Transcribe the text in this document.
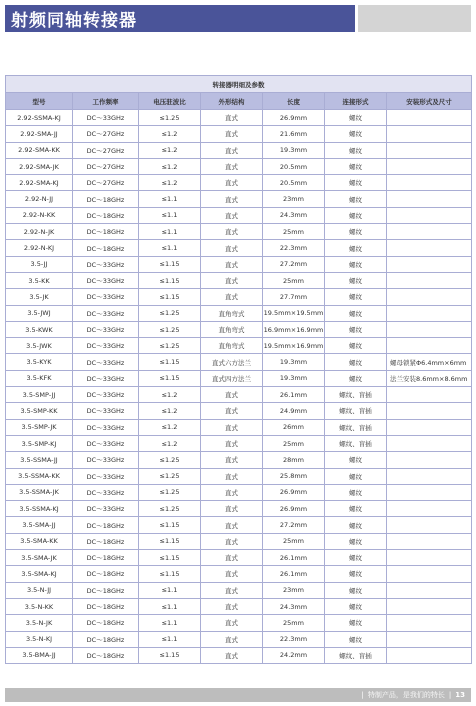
射频同轴转接器
转接器明细及参数						
型号	工作频率	电压驻波比	外形结构	长度	连接形式	安装形式及尺寸
2.92-SSMA-KJ	DC～33GHz	≤1.25	直式	26.9mm	螺纹	
2.92-SMA-JJ	DC～27GHz	≤1.2	直式	21.6mm	螺纹	
2.92-SMA-KK	DC～27GHz	≤1.2	直式	19.3mm	螺纹	
2.92-SMA-JK	DC～27GHz	≤1.2	直式	20.5mm	螺纹	
2.92-SMA-KJ	DC～27GHz	≤1.2	直式	20.5mm	螺纹	
2.92-N-JJ	DC～18GHz	≤1.1	直式	23mm	螺纹	
2.92-N-KK	DC～18GHz	≤1.1	直式	24.3mm	螺纹	
2.92-N-JK	DC～18GHz	≤1.1	直式	25mm	螺纹	
2.92-N-KJ	DC～18GHz	≤1.1	直式	22.3mm	螺纹	
3.5-JJ	DC～33GHz	≤1.15	直式	27.2mm	螺纹	
3.5-KK	DC～33GHz	≤1.15	直式	25mm	螺纹	
3.5-JK	DC～33GHz	≤1.15	直式	27.7mm	螺纹	
3.5-JWJ	DC～33GHz	≤1.25	直角弯式	19.5mm×19.5mm	螺纹	
3.5-KWK	DC～33GHz	≤1.25	直角弯式	16.9mm×16.9mm	螺纹	
3.5-JWK	DC～33GHz	≤1.25	直角弯式	19.5mm×16.9mm	螺纹	
3.5-KYK	DC～33GHz	≤1.15	直式六方法兰	19.3mm	螺纹	螺母锁紧Φ6.4mm×6mm
3.5-KFK	DC～33GHz	≤1.15	直式四方法兰	19.3mm	螺纹	法兰安装8.6mm×8.6mm
3.5-SMP-JJ	DC～33GHz	≤1.2	直式	26.1mm	螺纹、盲插	
3.5-SMP-KK	DC～33GHz	≤1.2	直式	24.9mm	螺纹、盲插	
3.5-SMP-JK	DC～33GHz	≤1.2	直式	26mm	螺纹、盲插	
3.5-SMP-KJ	DC～33GHz	≤1.2	直式	25mm	螺纹、盲插	
3.5-SSMA-JJ	DC～33GHz	≤1.25	直式	28mm	螺纹	
3.5-SSMA-KK	DC～33GHz	≤1.25	直式	25.8mm	螺纹	
3.5-SSMA-JK	DC～33GHz	≤1.25	直式	26.9mm	螺纹	
3.5-SSMA-KJ	DC～33GHz	≤1.25	直式	26.9mm	螺纹	
3.5-SMA-JJ	DC～18GHz	≤1.15	直式	27.2mm	螺纹	
3.5-SMA-KK	DC～18GHz	≤1.15	直式	25mm	螺纹	
3.5-SMA-JK	DC～18GHz	≤1.15	直式	26.1mm	螺纹	
3.5-SMA-KJ	DC～18GHz	≤1.15	直式	26.1mm	螺纹	
3.5-N-JJ	DC～18GHz	≤1.1	直式	23mm	螺纹	
3.5-N-KK	DC～18GHz	≤1.1	直式	24.3mm	螺纹	
3.5-N-JK	DC～18GHz	≤1.1	直式	25mm	螺纹	
3.5-N-KJ	DC～18GHz	≤1.1	直式	22.3mm	螺纹	
3.5-BMA-JJ	DC～18GHz	≤1.15	直式	24.2mm	螺纹、盲插	
| 特制产品，是我们的特长 | 13
